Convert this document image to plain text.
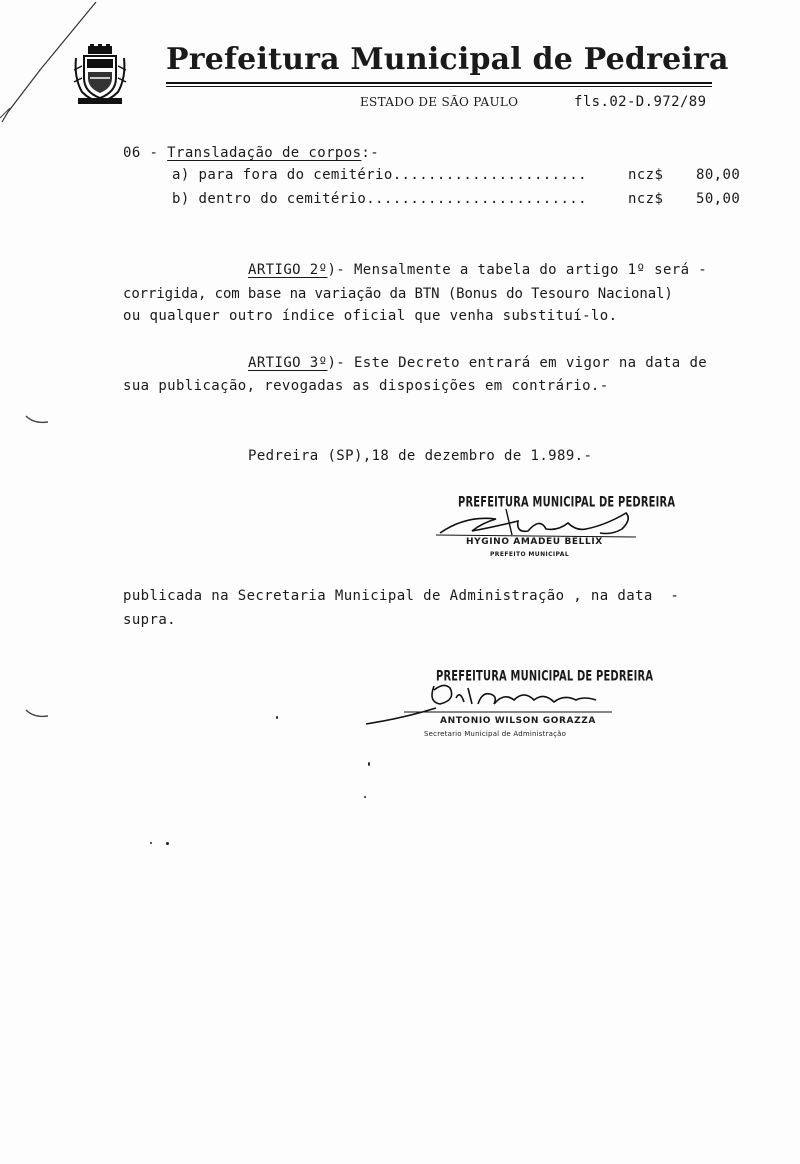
Prefeitura Municipal de Pedreira
ESTADO DE SÃO PAULO	fls.02-D.972/89
06 - Transladação de corpos:-
a) para fora do cemitério......................	ncz$ 80,00
b) dentro do cemitério.........................	ncz$ 50,00
ARTIGO 2º)- Mensalmente a tabela do artigo 1º será -
corrigida, com base na variação da BTN (Bonus do Tesouro Nacional)
ou qualquer outro índice oficial que venha substituí-lo.
ARTIGO 3º)- Este Decreto entrará em vigor na data de
sua publicação, revogadas as disposições em contrário.-
Pedreira (SP),18 de dezembro de 1.989.-
PREFEITURA MUNICIPAL DE PEDREIRA
HYGINO AMADEU BELLIX
PREFEITO MUNICIPAL
publicada na Secretaria Municipal de Administração , na data  -
supra.
PREFEITURA MUNICIPAL DE PEDREIRA
ANTONIO WILSON GORAZZA
Secretario Municipal de Administração
